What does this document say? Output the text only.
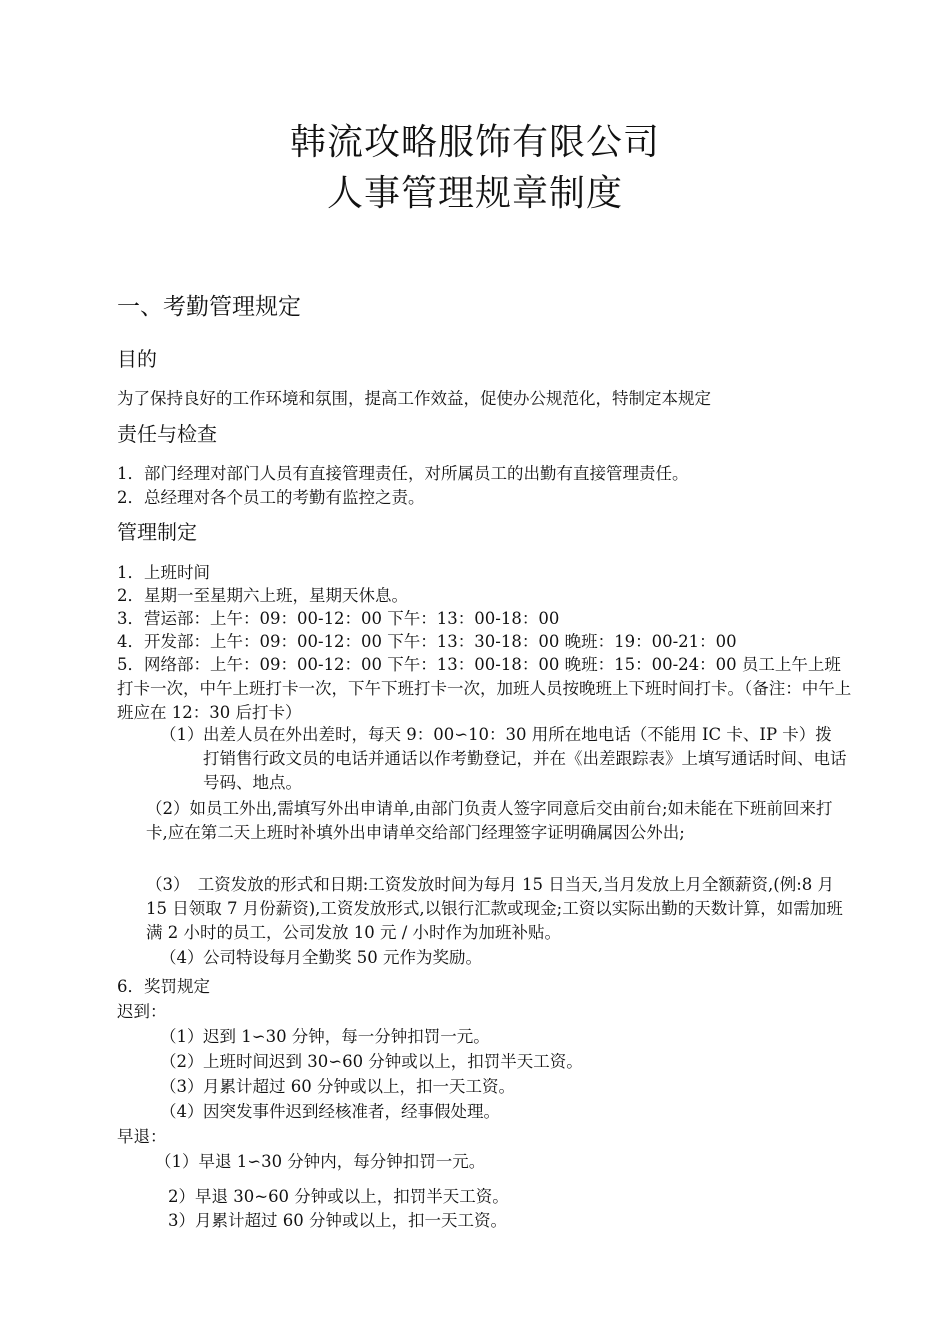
韩流攻略服饰有限公司
人事管理规章制度
一、考勤管理规定
目的
为了保持良好的工作环境和氛围，提高工作效益，促使办公规范化，特制定本规定
责任与检查
1．部门经理对部门人员有直接管理责任，对所属员工的出勤有直接管理责任。
2．总经理对各个员工的考勤有监控之责。
管理制定
1．上班时间
2．星期一至星期六上班，星期天休息。
3．营运部：上午：09：00-12：00 下午：13：00-18：00
4．开发部：上午：09：00-12：00 下午：13：30-18：00 晚班：19：00-21：00
5．网络部：上午：09：00-12：00 下午：13：00-18：00 晚班：15：00-24：00 员工上午上班打卡一次，中午上班打卡一次，下午下班打卡一次，加班人员按晚班上下班时间打卡。（备注：中午上班应在 12：30 后打卡）
（1） 出差人员在外出差时，每天 9：00∽10：30 用所在地电话（不能用 IC 卡、IP 卡）拨打销售行政文员的电话并通话以作考勤登记，并在《出差跟踪表》上填写通话时间、电话号码、地点。
（2）如员工外出,需填写外出申请单,由部门负责人签字同意后交由前台;如未能在下班前回来打卡,应在第二天上班时补填外出申请单交给部门经理签字证明确属因公外出;
（3）　工资发放的形式和日期:工资发放时间为每月 15 日当天,当月发放上月全额薪资,(例:8 月 15 日领取 7 月份薪资),工资发放形式,以银行汇款或现金;工资以实际出勤的天数计算，如需加班满 2 小时的员工，公司发放 10 元 / 小时作为加班补贴。
（4） 公司特设每月全勤奖 50 元作为奖励。
6．奖罚规定
迟到：
（1） 迟到 1∽30 分钟，每一分钟扣罚一元。
（2） 上班时间迟到 30∽60 分钟或以上，扣罚半天工资。
（3） 月累计超过 60 分钟或以上，扣一天工资。
（4） 因突发事件迟到经核准者，经事假处理。
早退：
（1）早退 1∽30 分钟内，每分钟扣罚一元。
2）早退 30~60 分钟或以上，扣罚半天工资。
3）月累计超过 60 分钟或以上，扣一天工资。
